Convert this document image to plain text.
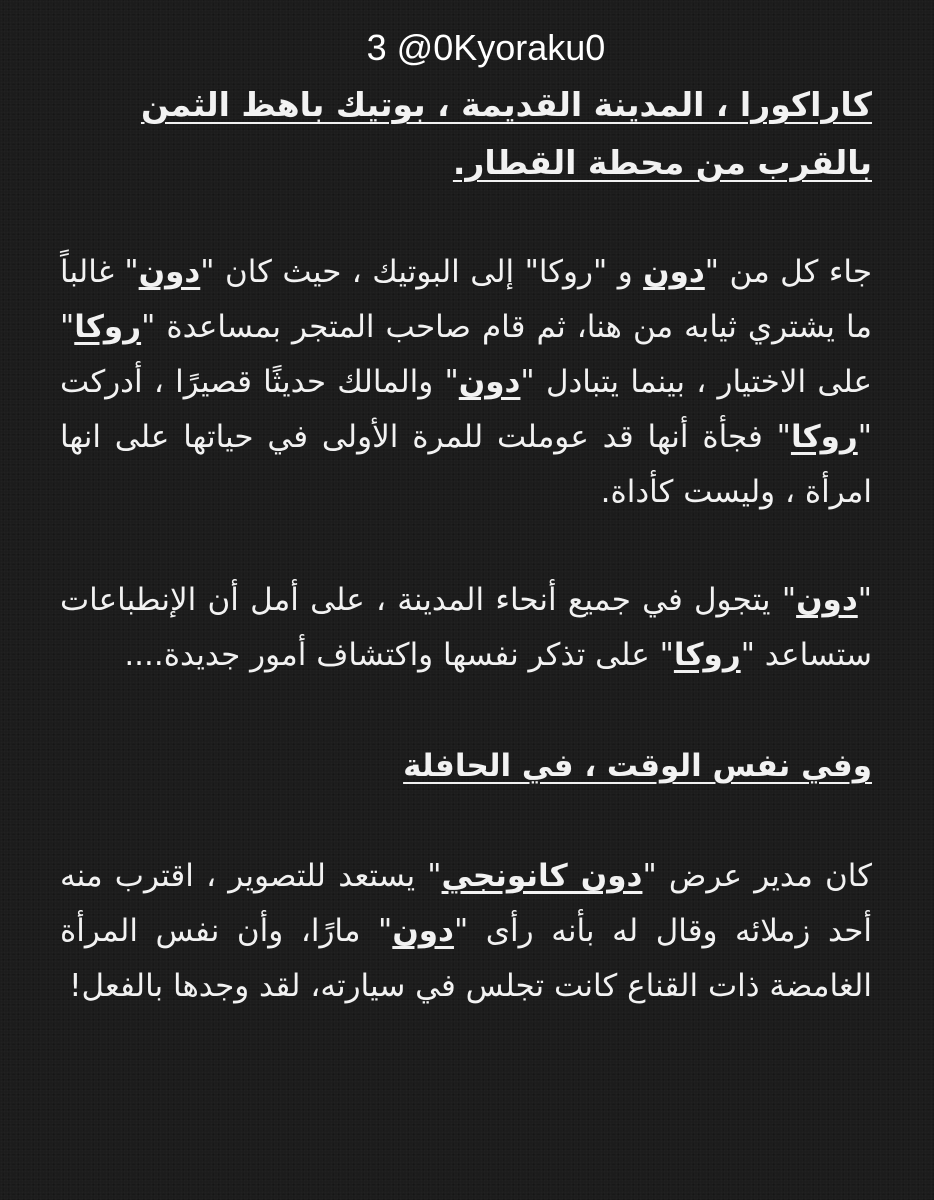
3 @0Kyoraku0

كاراكورا ، المدينة القديمة ، بوتيك باهظ الثمن بالقرب من محطة القطار.

جاء كل من "دون و "روكا" إلى البوتيك ، حيث كان "دون" غالباً ما يشتري ثيابه من هنا، ثم قام صاحب المتجر بمساعدة "روكا" على الاختيار ، بينما يتبادل "دون" والمالك حديثًا قصيرًا ، أدركت "روكا" فجأة أنها قد عوملت للمرة الأولى في حياتها على انها امرأة ، وليست كأداة.

"دون" يتجول في جميع أنحاء المدينة ، على أمل أن الإنطباعات ستساعد "روكا" على تذكر نفسها واكتشاف أمور جديدة....

وفي نفس الوقت ، في الحافلة

كان مدير عرض "دون كانونجي" يستعد للتصوير ، اقترب منه أحد زملائه وقال له بأنه رأى "دون" مارًا، وأن نفس المرأة الغامضة ذات القناع كانت تجلس في سيارته، لقد وجدها بالفعل!
